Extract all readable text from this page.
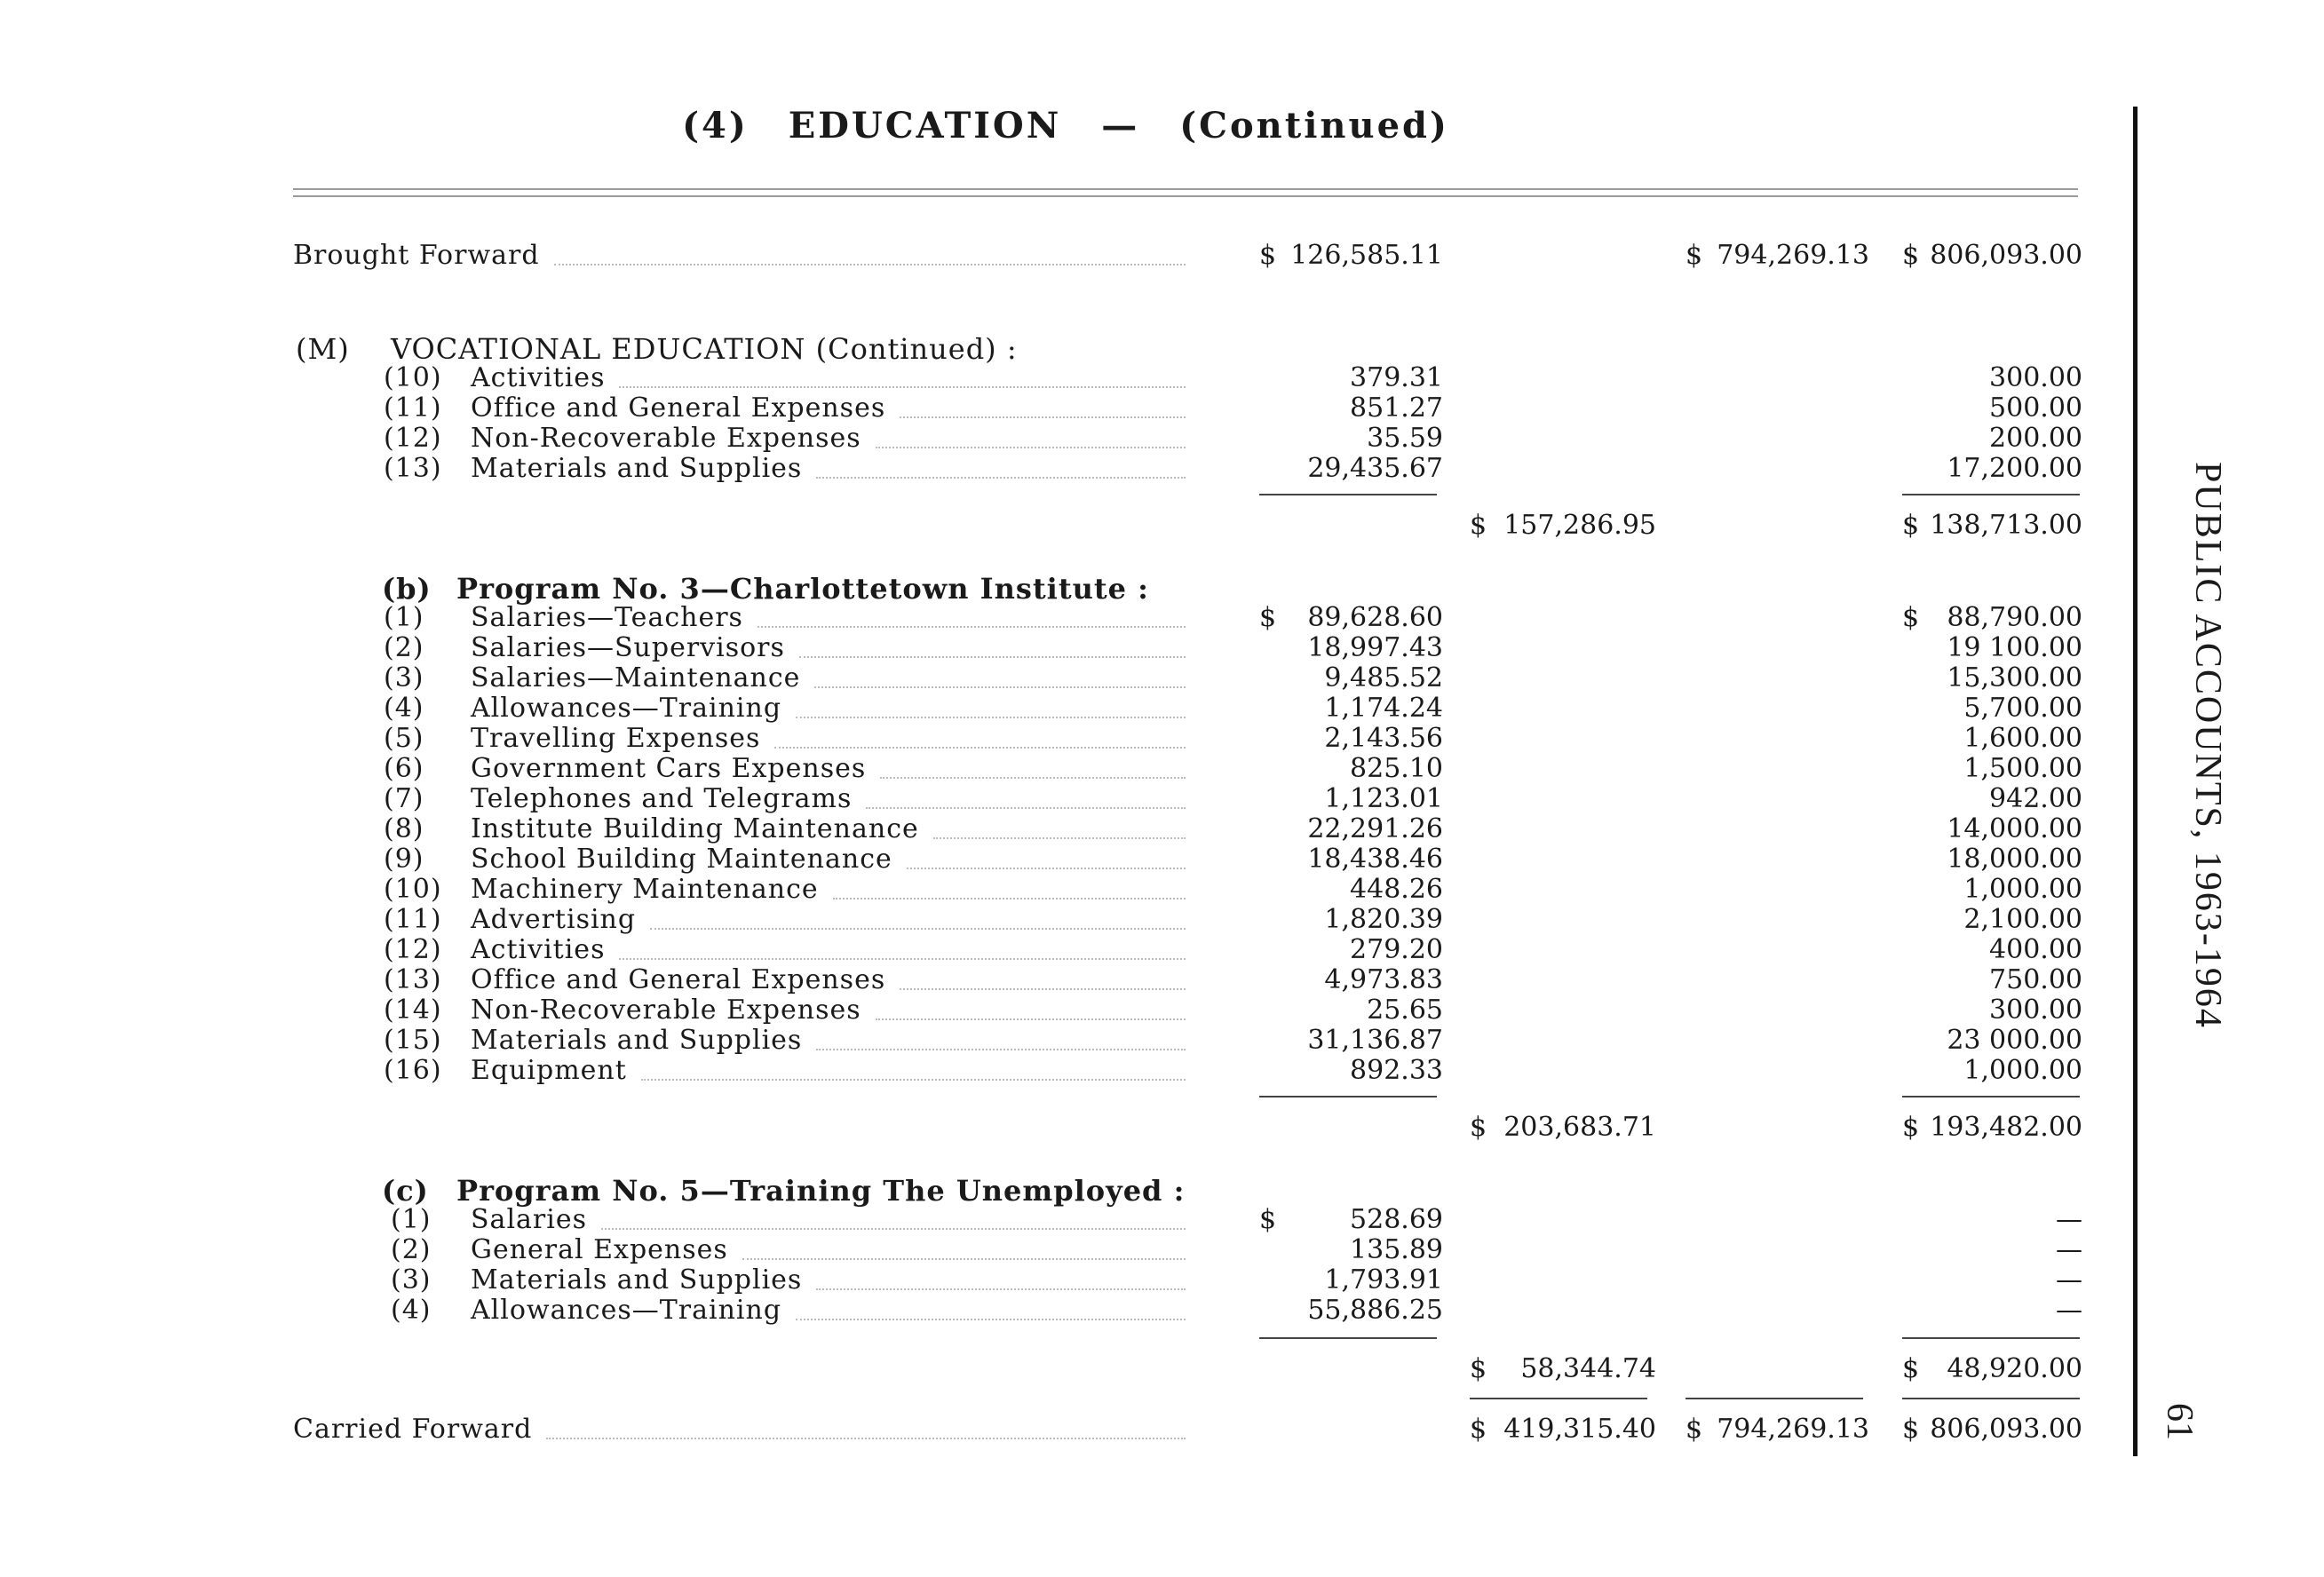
(4) EDUCATION — (Continued)
PUBLIC ACCOUNTS, 1963-1964
61
Brought Forward	$ 126,585.11	$ 794,269.13 $ 806,093.00
(M) VOCATIONAL EDUCATION (Continued) :
(10) Activities	379.31	300.00
(11) Office and General Expenses	851.27	500.00
(12) Non-Recoverable Expenses	35.59	200.00
(13) Materials and Supplies	29,435.67	17,200.00
$ 157,286.95	$ 138,713.00
(b) Program No. 3—Charlottetown Institute :
(1) Salaries—Teachers	$	89,628.60	$	88,790.00
(2) Salaries—Supervisors	18,997.43	19 100.00
(3) Salaries—Maintenance	9,485.52	15,300.00
(4) Allowances—Training	1,174.24	5,700.00
(5) Travelling Expenses	2,143.56	1,600.00
(6) Government Cars Expenses	825.10	1,500.00
(7) Telephones and Telegrams	1,123.01	942.00
(8) Institute Building Maintenance	22,291.26	14,000.00
(9) School Building Maintenance	18,438.46	18,000.00
(10) Machinery Maintenance	448.26	1,000.00
(11) Advertising	1,820.39	2,100.00
(12) Activities	279.20	400.00
(13) Office and General Expenses	4,973.83	750.00
(14) Non-Recoverable Expenses	25.65	300.00
(15) Materials and Supplies	31,136.87	23 000.00
(16) Equipment	892.33	1,000.00
$ 203,683.71	$ 193,482.00
(c) Program No. 5—Training The Unemployed :
(1) Salaries	$	528.69	—
(2) General Expenses	135.89	—
(3) Materials and Supplies	1,793.91	—
(4) Allowances—Training	55,886.25	—
$	58,344.74	$	48,920.00
Carried Forward	$ 419,315.40 $ 794,269.13 $ 806,093.00
